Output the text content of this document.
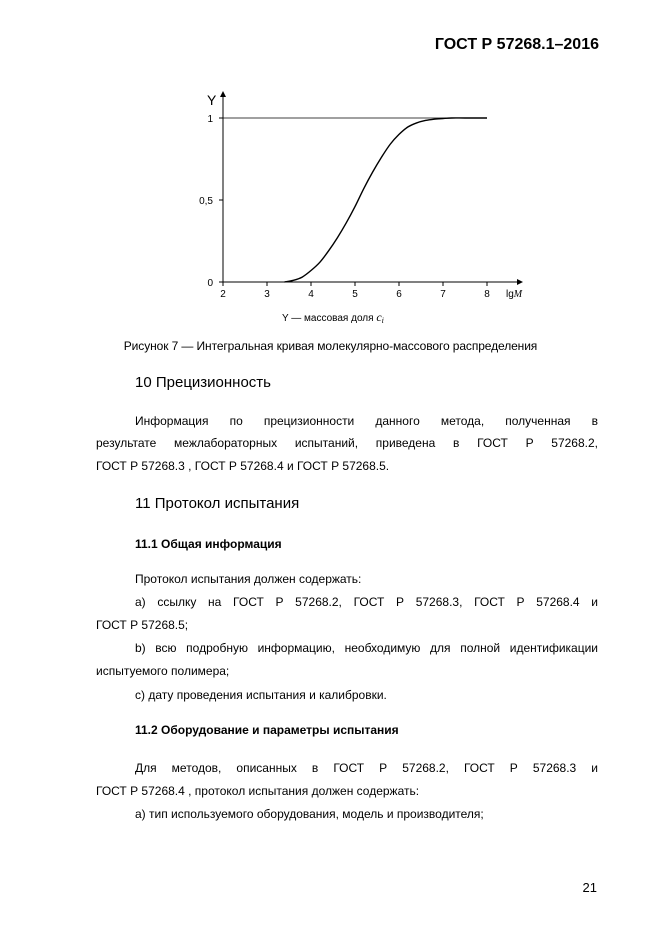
ГОСТ Р 57268.1–2016
Y
0
0,5
1
2	3	4	5	6	7	8 lgM
Y — массовая доля $c_i$
Рисунок 7 — Интегральная кривая молекулярно-массового распределения
10 Прецизионность
Информация по прецизионности данного метода, полученная в
результате межлабораторных испытаний, приведена в ГОСТ Р 57268.2,
ГОСТ Р 57268.3 , ГОСТ Р 57268.4 и ГОСТ Р 57268.5.
11 Протокол испытания
11.1 Общая информация
Протокол испытания должен содержать:
а) ссылку на ГОСТ Р 57268.2, ГОСТ Р 57268.3, ГОСТ Р 57268.4 и
ГОСТ Р 57268.5;
b) всю подробную информацию, необходимую для полной идентификации
испытуемого полимера;
с) дату проведения испытания и калибровки.
11.2 Оборудование и параметры испытания
Для методов, описанных в ГОСТ Р 57268.2, ГОСТ Р 57268.3 и
ГОСТ Р 57268.4 , протокол испытания должен содержать:
а) тип используемого оборудования, модель и производителя;
21
